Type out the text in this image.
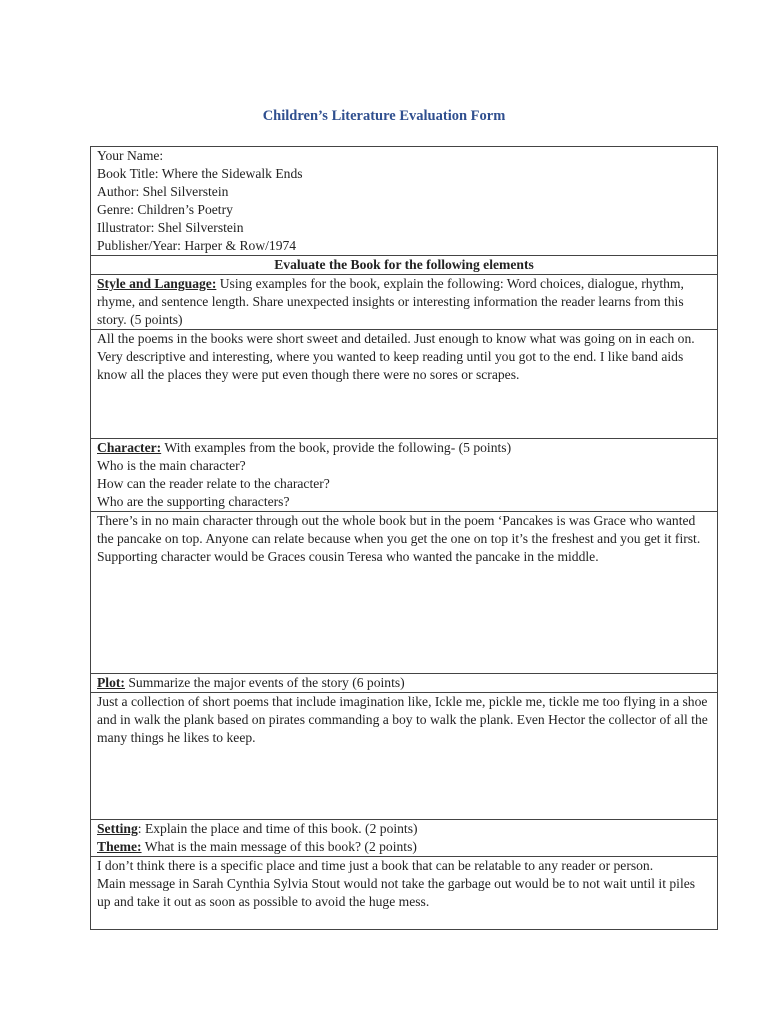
Children’s Literature Evaluation Form
Your Name:
Book Title: Where the Sidewalk Ends
Author: Shel Silverstein
Genre: Children’s Poetry
Illustrator: Shel Silverstein
Publisher/Year: Harper & Row/1974

Evaluate the Book for the following elements
Style and Language: Using examples for the book, explain the following: Word choices, dialogue, rhythm, rhyme, and sentence length. Share unexpected insights or interesting information the reader learns from this story. (5 points)

All the poems in the books were short sweet and detailed. Just enough to know what was going on in each on. Very descriptive and interesting, where you wanted to keep reading until you got to the end. I like band aids know all the places they were put even though there were no sores or scrapes.

Character: With examples from the book, provide the following- (5 points)
Who is the main character?
How can the reader relate to the character?
Who are the supporting characters?

There’s in no main character through out the whole book but in the poem ‘Pancakes is was Grace who wanted the pancake on top. Anyone can relate because when you get the one on top it’s the freshest and you get it first.
Supporting character would be Graces cousin Teresa who wanted the pancake in the middle.

Plot: Summarize the major events of the story (6 points)

Just a collection of short poems that include imagination like, Ickle me, pickle me, tickle me too flying in a shoe and in walk the plank based on pirates commanding a boy to walk the plank. Even Hector the collector of all the many things he likes to keep.

Setting: Explain the place and time of this book. (2 points)
Theme: What is the main message of this book? (2 points)

I don’t think there is a specific place and time just a book that can be relatable to any reader or person.
Main message in Sarah Cynthia Sylvia Stout would not take the garbage out would be to not wait until it piles up and take it out as soon as possible to avoid the huge mess.
